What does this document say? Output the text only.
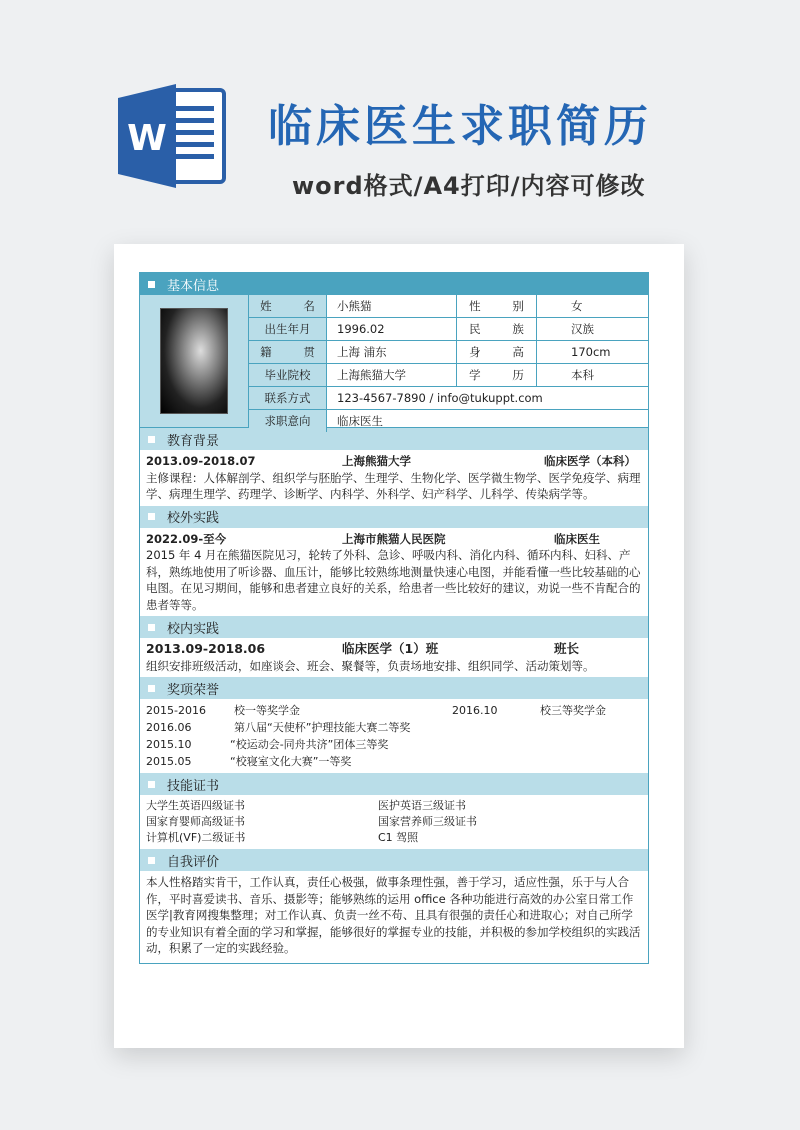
W 临床医生求职简历
word格式/A4打印/内容可修改
基本信息
姓 名 小熊猫	性 别	女
出生年月	1996.02	民 族	汉族
籍 贯 上海 浦东	身 高	170cm
毕业院校	上海熊猫大学	学 历	本科
联系方式	123-4567-7890 / info@tukuppt.com
求职意向	临床医生
教育背景
2013.09-2018.07	上海熊猫大学	临床医学（本科）
主修课程：人体解剖学、组织学与胚胎学、生理学、生物化学、医学微生物学、医学免疫学、病理学、病理生理学、药理学、诊断学、内科学、外科学、妇产科学、儿科学、传染病学等。
校外实践
2022.09-至今	上海市熊猫人民医院	临床医生
2015 年 4 月在熊猫医院见习，轮转了外科、急诊、呼吸内科、消化内科、循环内科、妇科、产科，熟练地使用了听诊器、血压计，能够比较熟练地测量快速心电图，并能看懂一些比较基础的心电图。在见习期间，能够和患者建立良好的关系，给患者一些比较好的建议，劝说一些不肯配合的患者等等。
校内实践
2013.09-2018.06	临床医学（1）班	班长
组织安排班级活动，如座谈会、班会、聚餐等，负责场地安排、组织同学、活动策划等。
奖项荣誉
2015-2016	校一等奖学金	2016.10	校三等奖学金
2016.06	第八届“天使杯”护理技能大赛二等奖
2015.10	“校运动会-同舟共济”团体三等奖
2015.05	“校寝室文化大赛”一等奖
技能证书
大学生英语四级证书	医护英语三级证书
国家育婴师高级证书	国家营养师三级证书
计算机(VF)二级证书	C1 驾照
自我评价
本人性格踏实肯干，工作认真，责任心极强，做事条理性强，善于学习，适应性强，乐于与人合作，平时喜爱读书、音乐、摄影等；能够熟练的运用 office 各种功能进行高效的办公室日常工作医学|教育网搜集整理；对工作认真、负责一丝不苟、且具有很强的责任心和进取心；对自己所学的专业知识有着全面的学习和掌握，能够很好的掌握专业的技能，并积极的参加学校组织的实践活动，积累了一定的实践经验。
